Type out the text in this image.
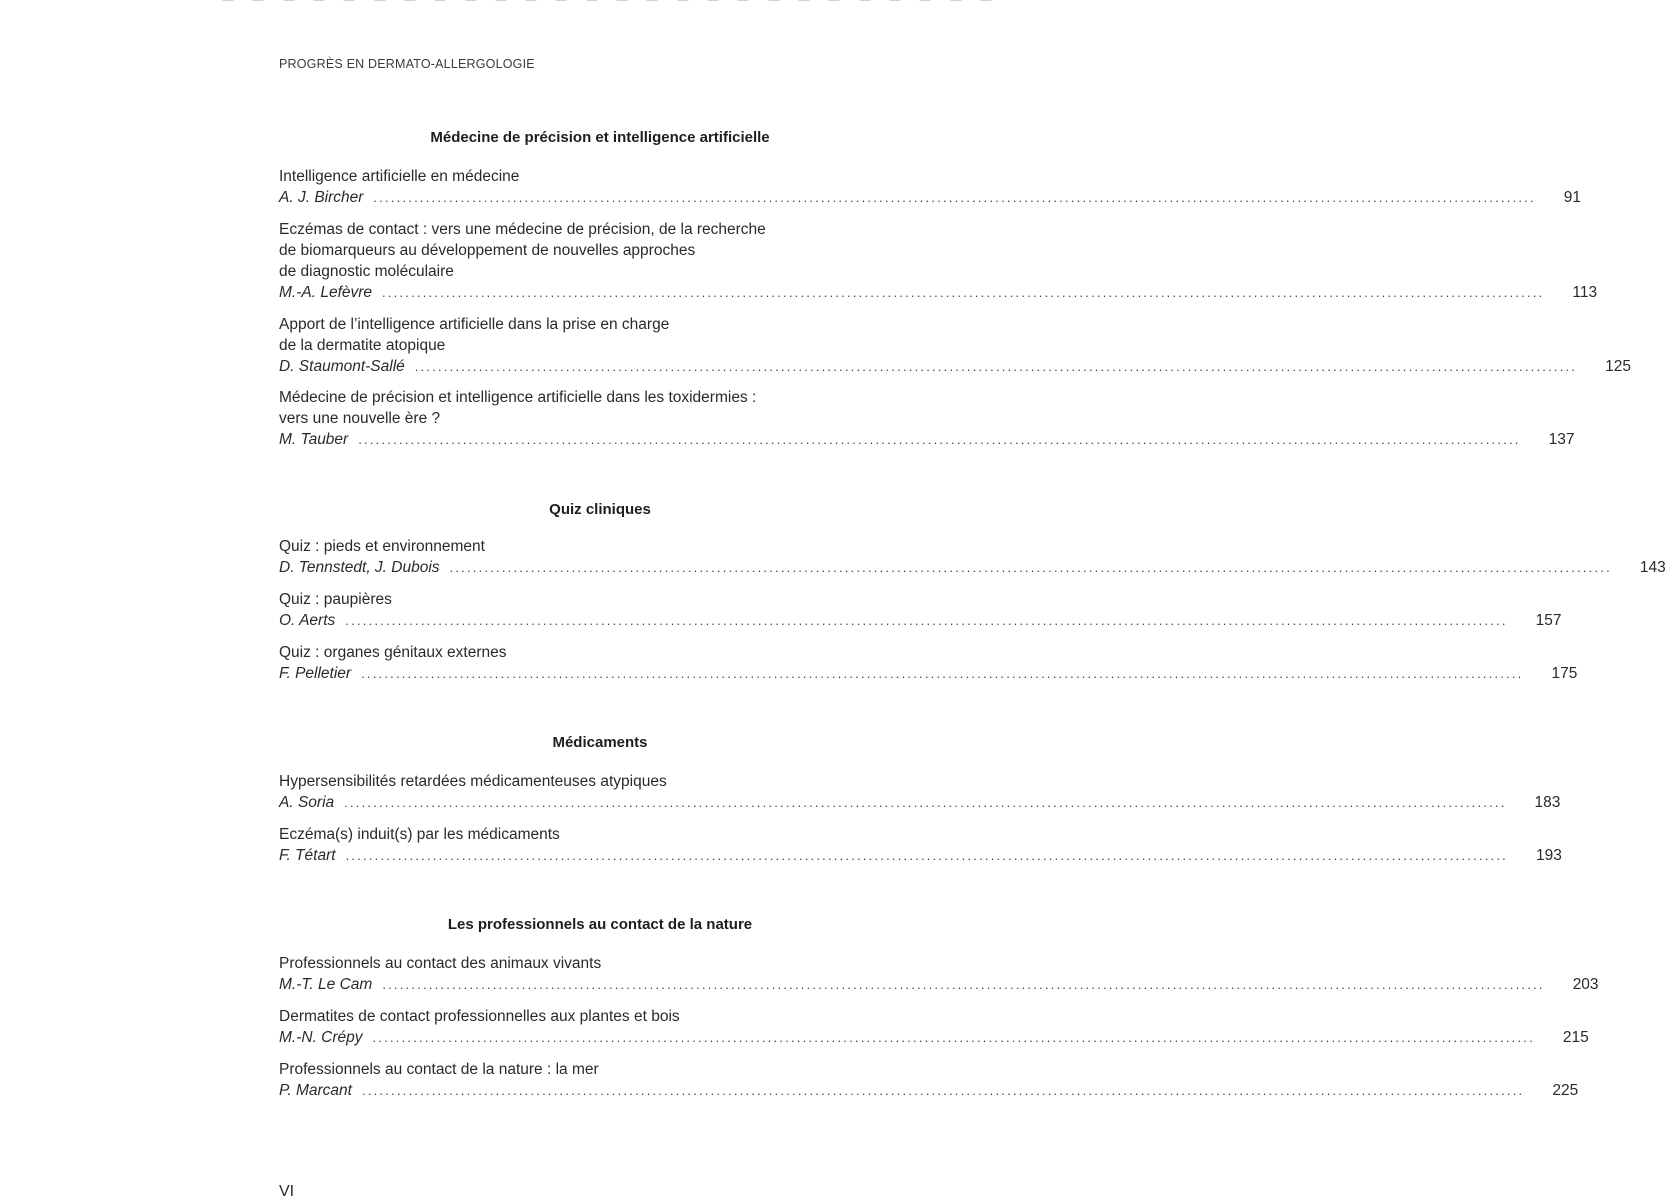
PROGRÈS EN DERMATO-ALLERGOLOGIE
Médecine de précision et intelligence artificielle
Intelligence artificielle en médecine
A. J. Bircher ........................................................................................................................................................................................................ 91
Eczémas de contact : vers une médecine de précision, de la recherche
de biomarqueurs au développement de nouvelles approches
de diagnostic moléculaire
M.-A. Lefèvre ........................................................................................................................................................................................................ 113
Apport de l’intelligence artificielle dans la prise en charge
de la dermatite atopique
D. Staumont-Sallé ........................................................................................................................................................................................................ 125
Médecine de précision et intelligence artificielle dans les toxidermies :
vers une nouvelle ère ?
M. Tauber ........................................................................................................................................................................................................ 137
Quiz cliniques
Quiz : pieds et environnement
D. Tennstedt, J. Dubois ........................................................................................................................................................................................................ 143
Quiz : paupières
O. Aerts ........................................................................................................................................................................................................ 157
Quiz : organes génitaux externes
F. Pelletier ........................................................................................................................................................................................................ 175
Médicaments
Hypersensibilités retardées médicamenteuses atypiques
A. Soria ........................................................................................................................................................................................................ 183
Eczéma(s) induit(s) par les médicaments
F. Tétart ........................................................................................................................................................................................................ 193
Les professionnels au contact de la nature
Professionnels au contact des animaux vivants
M.-T. Le Cam ........................................................................................................................................................................................................ 203
Dermatites de contact professionnelles aux plantes et bois
M.-N. Crépy ........................................................................................................................................................................................................ 215
Professionnels au contact de la nature : la mer
P. Marcant ........................................................................................................................................................................................................ 225
VI
